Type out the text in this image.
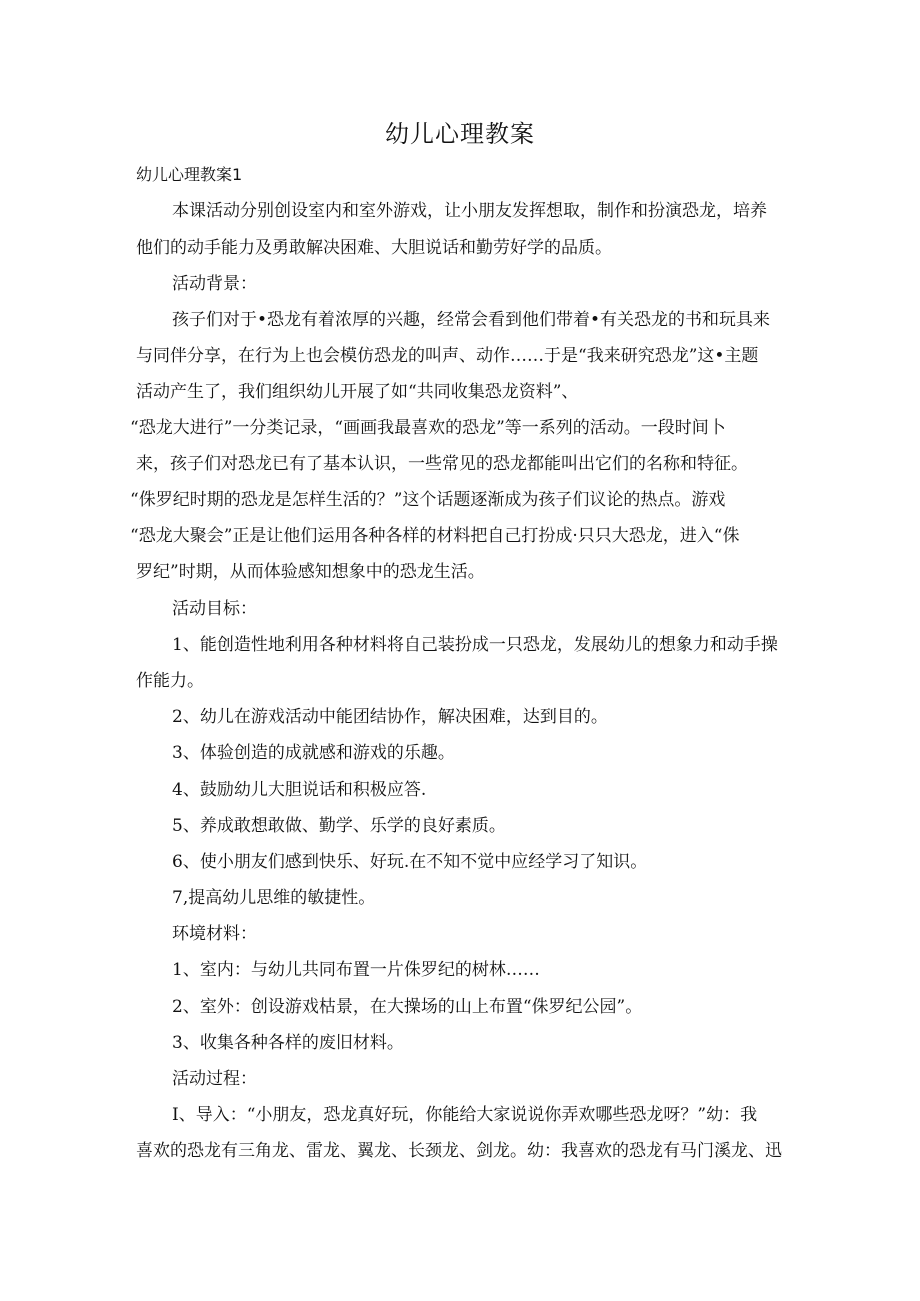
幼儿心理教案
幼儿心理教案1
本课活动分别创设室内和室外游戏，让小朋友发挥想取，制作和扮演恐龙，培养
他们的动手能力及勇敢解决困难、大胆说话和勤劳好学的品质。
活动背景：
孩子们对于•恐龙有着浓厚的兴趣，经常会看到他们带着•有关恐龙的书和玩具来
与同伴分享，在行为上也会模仿恐龙的叫声、动作……于是“我来研究恐龙”这•主题
活动产生了，我们组织幼儿开展了如“共同收集恐龙资料”、
“恐龙大进行”一分类记录，“画画我最喜欢的恐龙”等一系列的活动。一段时间卜
来，孩子们对恐龙已有了基本认识，一些常见的恐龙都能叫出它们的名称和特征。
“侏罗纪时期的恐龙是怎样生活的？”这个话题逐渐成为孩子们议论的热点。游戏
“恐龙大聚会”正是让他们运用各种各样的材料把自己打扮成·只只大恐龙，进入“侏
罗纪”时期，从而体验感知想象中的恐龙生活。
活动目标：
1、能创造性地利用各种材料将自己装扮成一只恐龙，发展幼儿的想象力和动手操
作能力。
2、幼儿在游戏活动中能团结协作，解决困难，达到目的。
3、体验创造的成就感和游戏的乐趣。
4、鼓励幼儿大胆说话和积极应答.
5、养成敢想敢做、勤学、乐学的良好素质。
6、使小朋友们感到快乐、好玩.在不知不觉中应经学习了知识。
7,提高幼儿思维的敏捷性。
环境材料：
1、室内：与幼儿共同布置一片侏罗纪的树林……
2、室外：创设游戏枯景，在大操场的山上布置“侏罗纪公园”。
3、收集各种各样的废旧材料。
活动过程：
I、导入：“小朋友，恐龙真好玩，你能给大家说说你弄欢哪些恐龙呀？”幼：我
喜欢的恐龙有三角龙、雷龙、翼龙、长颈龙、剑龙。幼：我喜欢的恐龙有马门溪龙、迅
